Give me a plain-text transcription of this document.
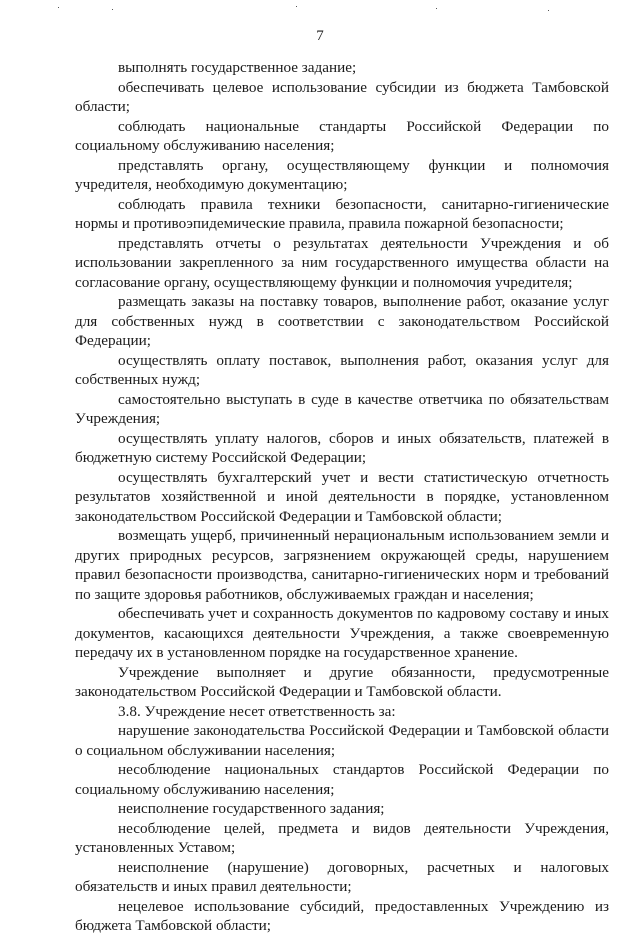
7

выполнять государственное задание;

обеспечивать целевое использование субсидии из бюджета Тамбовской области;

соблюдать национальные стандарты Российской Федерации по социальному обслуживанию населения;

представлять органу, осуществляющему функции и полномочия учредителя, необходимую документацию;

соблюдать правила техники безопасности, санитарно-гигиенические нормы и противоэпидемические правила, правила пожарной безопасности;

представлять отчеты о результатах деятельности Учреждения и об использовании закрепленного за ним государственного имущества области на согласование органу, осуществляющему функции и полномочия учредителя;

размещать заказы на поставку товаров, выполнение работ, оказание услуг для собственных нужд в соответствии с законодательством Российской Федерации;

осуществлять оплату поставок, выполнения работ, оказания услуг для собственных нужд;

самостоятельно выступать в суде в качестве ответчика по обязательствам Учреждения;

осуществлять уплату налогов, сборов и иных обязательств, платежей в бюджетную систему Российской Федерации;

осуществлять бухгалтерский учет и вести статистическую отчетность результатов хозяйственной и иной деятельности в порядке, установленном законодательством Российской Федерации и Тамбовской области;

возмещать ущерб, причиненный нерациональным использованием земли и других природных ресурсов, загрязнением окружающей среды, нарушением правил безопасности производства, санитарно-гигиенических норм и требований по защите здоровья работников, обслуживаемых граждан и населения;

обеспечивать учет и сохранность документов по кадровому составу и иных документов, касающихся деятельности Учреждения, а также своевременную передачу их в установленном порядке на государственное хранение.

Учреждение выполняет и другие обязанности, предусмотренные законодательством Российской Федерации и Тамбовской области.

3.8. Учреждение несет ответственность за:

нарушение законодательства Российской Федерации и Тамбовской области о социальном обслуживании населения;

несоблюдение национальных стандартов Российской Федерации по социальному обслуживанию населения;

неисполнение государственного задания;

несоблюдение целей, предмета и видов деятельности Учреждения, установленных Уставом;

неисполнение (нарушение) договорных, расчетных и налоговых обязательств и иных правил деятельности;

нецелевое использование субсидий, предоставленных Учреждению из бюджета Тамбовской области;
